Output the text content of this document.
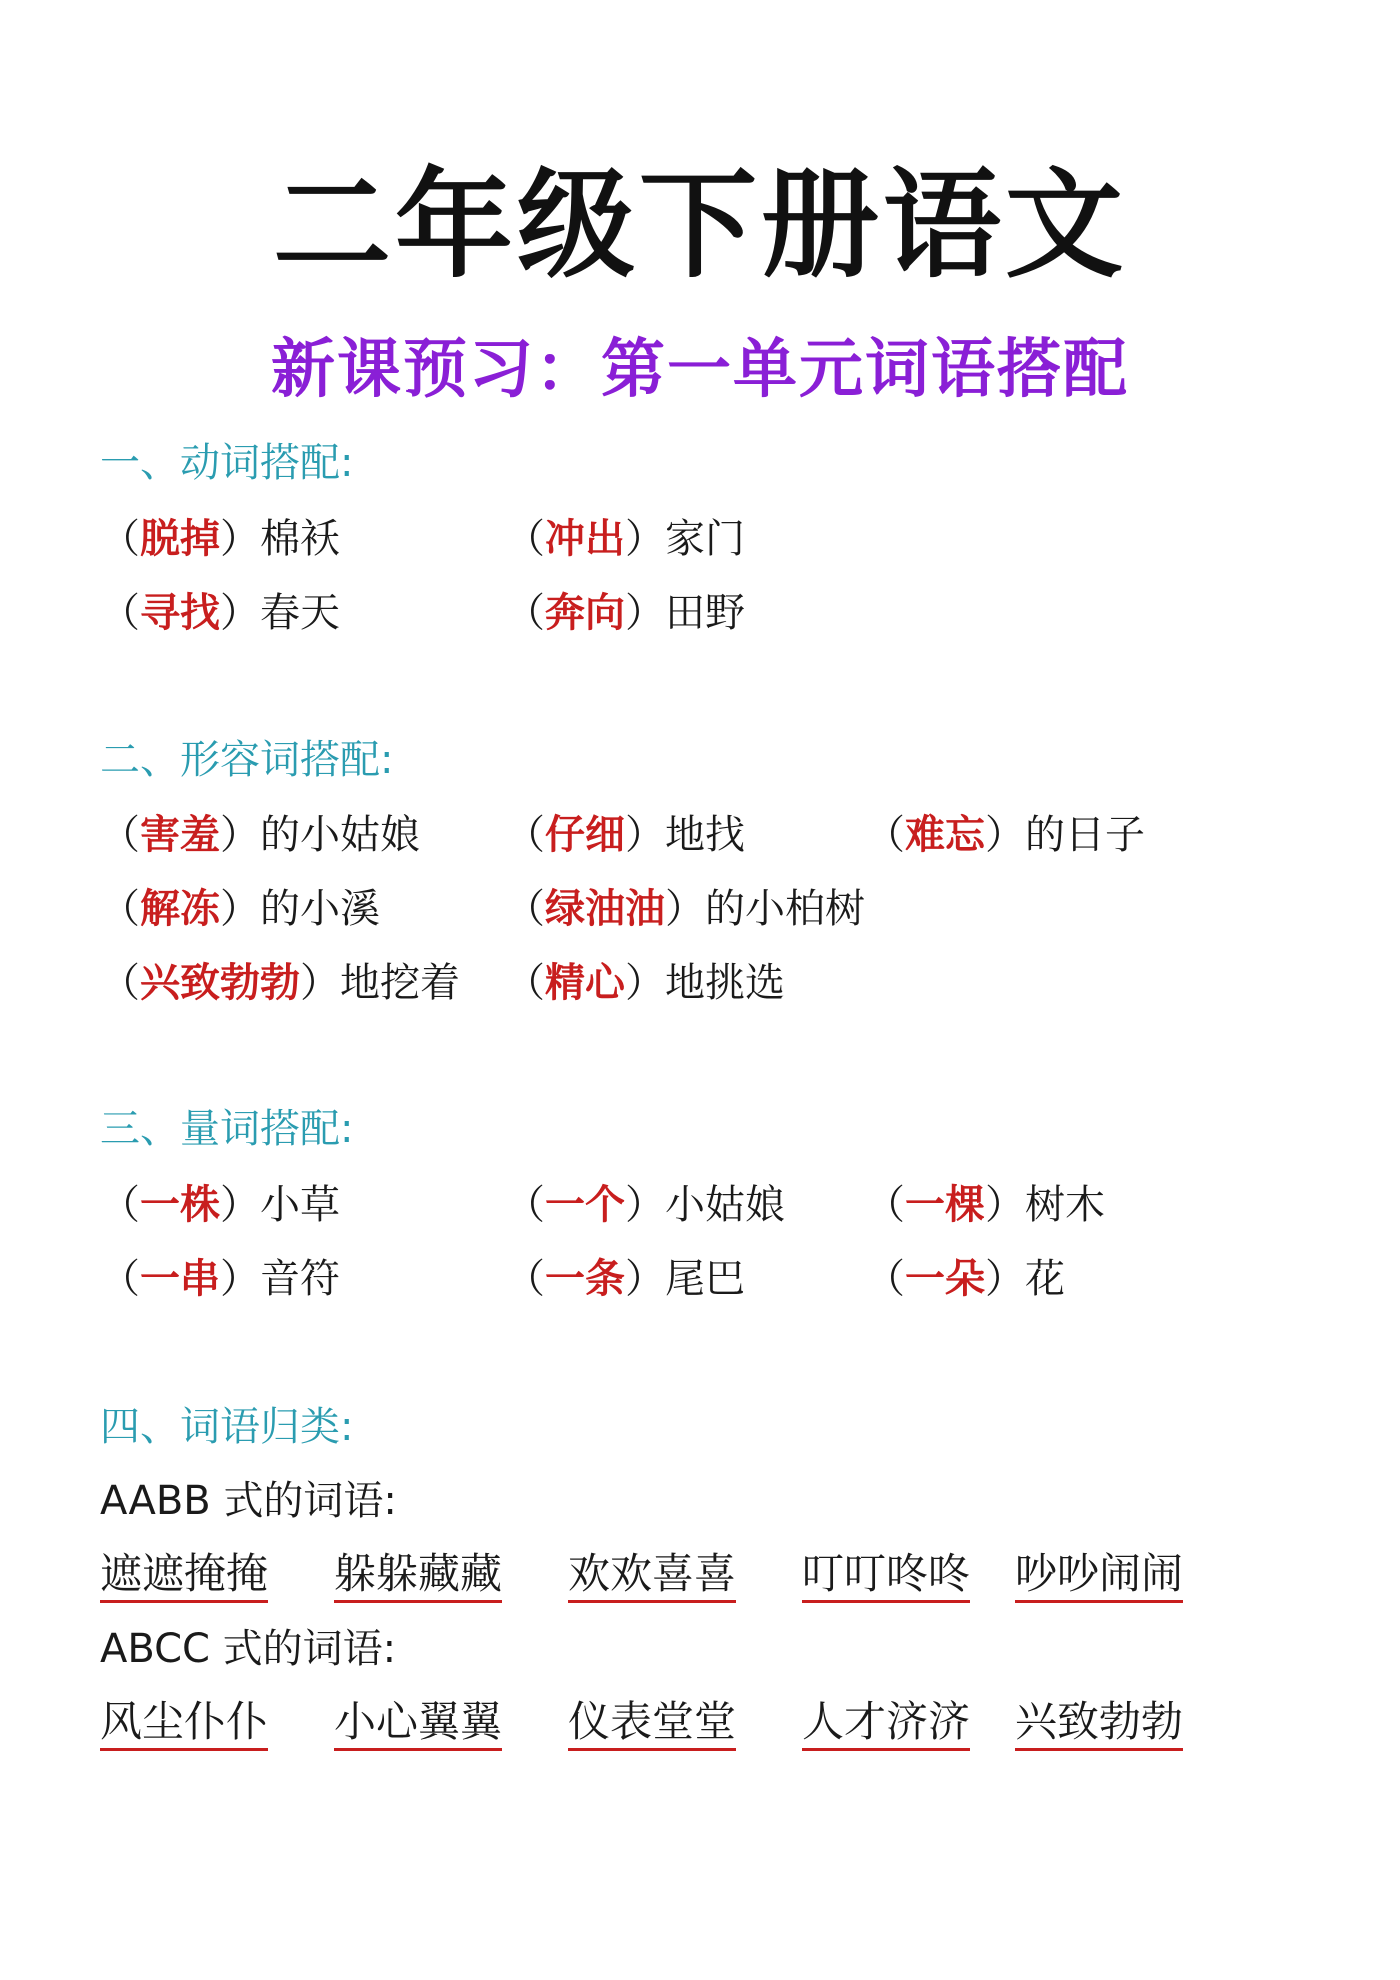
二年级下册语文
新课预习：第一单元词语搭配
一、动词搭配:
（脱掉）棉袄	（冲出）家门
（寻找）春天	（奔向）田野
二、形容词搭配:
（害羞）的小姑娘 （仔细）地找	（难忘）的日子
（解冻）的小溪	（绿油油）的小柏树
（兴致勃勃）地挖着 （精心）地挑选
三、量词搭配:
（一株）小草	（一个）小姑娘 （一棵）树木
（一串）音符	（一条）尾巴	（一朵）花
四、词语归类:
AABB 式的词语:
遮遮掩掩 躲躲藏藏 欢欢喜喜 叮叮咚咚 吵吵闹闹
ABCC 式的词语:
风尘仆仆 小心翼翼 仪表堂堂 人才济济 兴致勃勃
